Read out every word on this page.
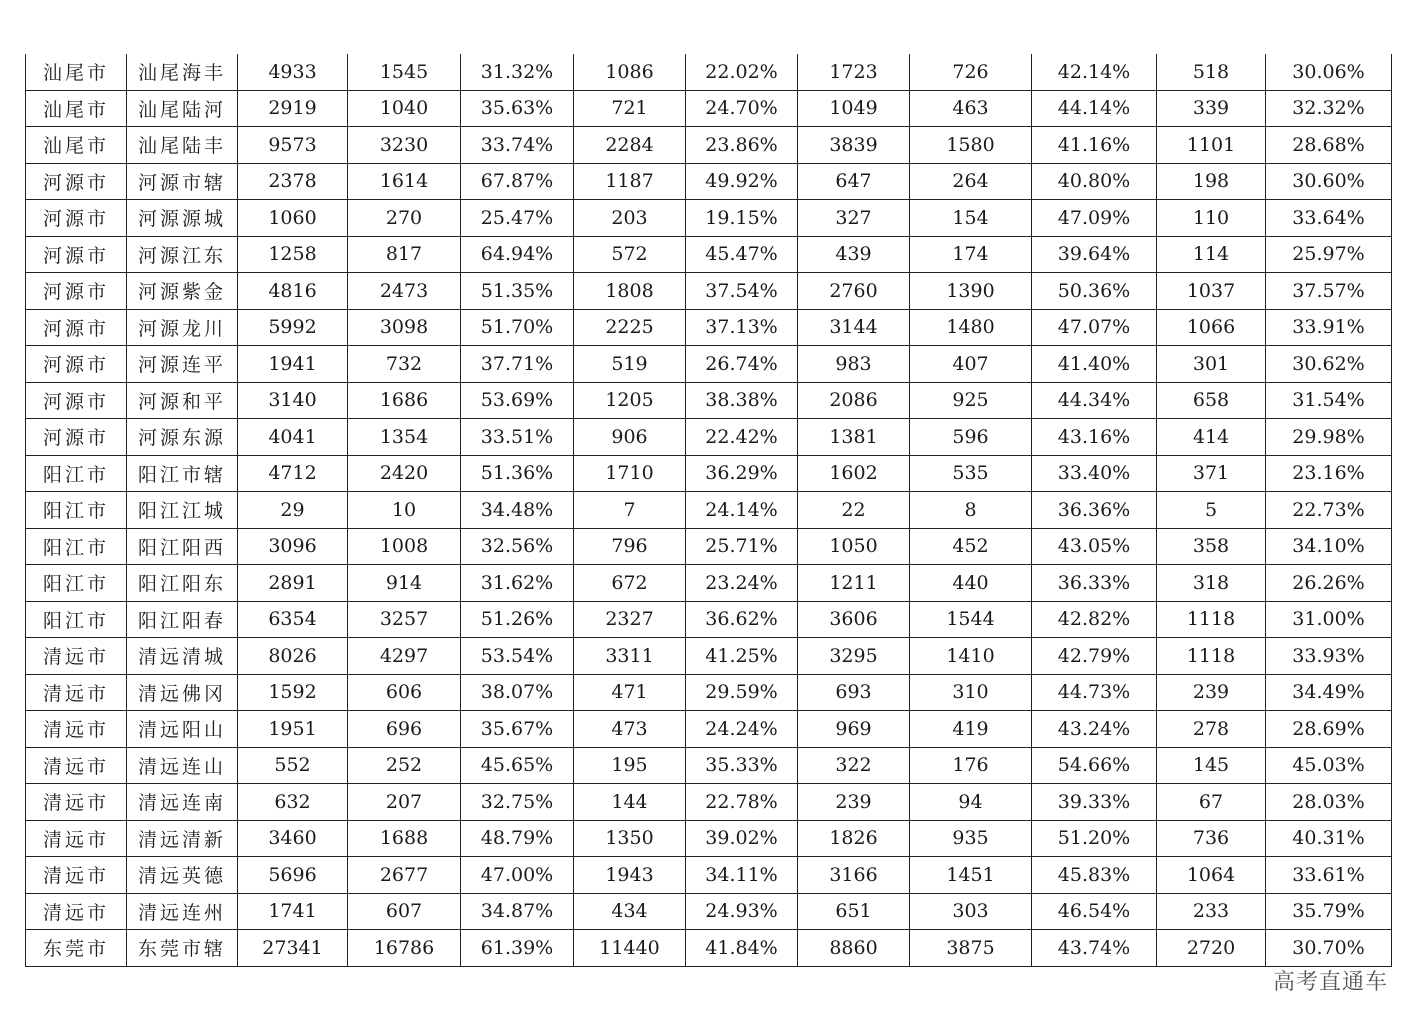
汕尾市	汕尾海丰	4933	1545	31.32%	1086	22.02%	1723	726	42.14%	518	30.06%
汕尾市	汕尾陆河	2919	1040	35.63%	721	24.70%	1049	463	44.14%	339	32.32%
汕尾市	汕尾陆丰	9573	3230	33.74%	2284	23.86%	3839	1580	41.16%	1101	28.68%
河源市	河源市辖	2378	1614	67.87%	1187	49.92%	647	264	40.80%	198	30.60%
河源市	河源源城	1060	270	25.47%	203	19.15%	327	154	47.09%	110	33.64%
河源市	河源江东	1258	817	64.94%	572	45.47%	439	174	39.64%	114	25.97%
河源市	河源紫金	4816	2473	51.35%	1808	37.54%	2760	1390	50.36%	1037	37.57%
河源市	河源龙川	5992	3098	51.70%	2225	37.13%	3144	1480	47.07%	1066	33.91%
河源市	河源连平	1941	732	37.71%	519	26.74%	983	407	41.40%	301	30.62%
河源市	河源和平	3140	1686	53.69%	1205	38.38%	2086	925	44.34%	658	31.54%
河源市	河源东源	4041	1354	33.51%	906	22.42%	1381	596	43.16%	414	29.98%
阳江市	阳江市辖	4712	2420	51.36%	1710	36.29%	1602	535	33.40%	371	23.16%
阳江市	阳江江城	29	10	34.48%	7	24.14%	22	8	36.36%	5	22.73%
阳江市	阳江阳西	3096	1008	32.56%	796	25.71%	1050	452	43.05%	358	34.10%
阳江市	阳江阳东	2891	914	31.62%	672	23.24%	1211	440	36.33%	318	26.26%
阳江市	阳江阳春	6354	3257	51.26%	2327	36.62%	3606	1544	42.82%	1118	31.00%
清远市	清远清城	8026	4297	53.54%	3311	41.25%	3295	1410	42.79%	1118	33.93%
清远市	清远佛冈	1592	606	38.07%	471	29.59%	693	310	44.73%	239	34.49%
清远市	清远阳山	1951	696	35.67%	473	24.24%	969	419	43.24%	278	28.69%
清远市	清远连山	552	252	45.65%	195	35.33%	322	176	54.66%	145	45.03%
清远市	清远连南	632	207	32.75%	144	22.78%	239	94	39.33%	67	28.03%
清远市	清远清新	3460	1688	48.79%	1350	39.02%	1826	935	51.20%	736	40.31%
清远市	清远英德	5696	2677	47.00%	1943	34.11%	3166	1451	45.83%	1064	33.61%
清远市	清远连州	1741	607	34.87%	434	24.93%	651	303	46.54%	233	35.79%
东莞市	东莞市辖	27341	16786	61.39%	11440	41.84%	8860	3875	43.74%	2720	30.70%
高考直通车
